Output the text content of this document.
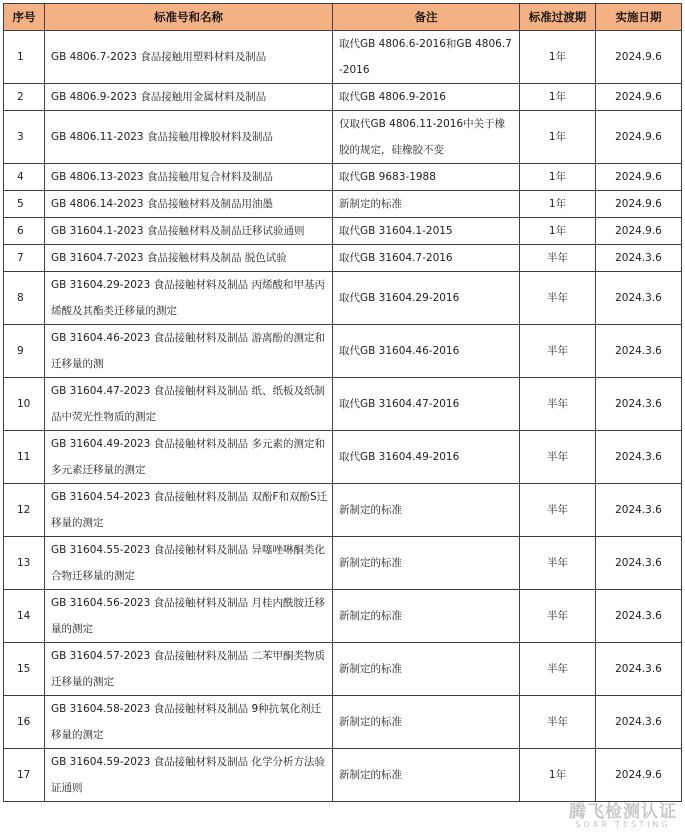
序号	标准号和名称	备注	标准过渡期	实施日期
1	GB 4806.7-2023 食品接触用塑料材料及制品	取代GB 4806.6-2016和GB 4806.7-2016	1年	2024.9.6
2	GB 4806.9-2023 食品接触用金属材料及制品	取代GB 4806.9-2016	1年	2024.9.6
3	GB 4806.11-2023 食品接触用橡胶材料及制品	仅取代GB 4806.11-2016中关于橡胶的规定，硅橡胶不变	1年	2024.9.6
4	GB 4806.13-2023 食品接触用复合材料及制品	取代GB 9683-1988	1年	2024.9.6
5	GB 4806.14-2023 食品接触材料及制品用油墨	新制定的标准	1年	2024.9.6
6	GB 31604.1-2023 食品接触材料及制品迁移试验通则	取代GB 31604.1-2015	1年	2024.9.6
7	GB 31604.7-2023 食品接触材料及制品 脱色试验	取代GB 31604.7-2016	半年	2024.3.6
8	GB 31604.29-2023 食品接触材料及制品 丙烯酸和甲基丙烯酸及其酯类迁移量的测定	取代GB 31604.29-2016	半年	2024.3.6
9	GB 31604.46-2023 食品接触材料及制品 游离酚的测定和迁移量的测	取代GB 31604.46-2016	半年	2024.3.6
10	GB 31604.47-2023 食品接触材料及制品 纸、纸板及纸制品中荧光性物质的测定	取代GB 31604.47-2016	半年	2024.3.6
11	GB 31604.49-2023 食品接触材料及制品 多元素的测定和多元素迁移量的测定	取代GB 31604.49-2016	半年	2024.3.6
12	GB 31604.54-2023 食品接触材料及制品 双酚F和双酚S迁移量的测定	新制定的标准	半年	2024.3.6
13	GB 31604.55-2023 食品接触材料及制品 异噻唑啉酮类化合物迁移量的测定	新制定的标准	半年	2024.3.6
14	GB 31604.56-2023 食品接触材料及制品 月桂内酰胺迁移量的测定	新制定的标准	半年	2024.3.6
15	GB 31604.57-2023 食品接触材料及制品 二苯甲酮类物质迁移量的测定	新制定的标准	半年	2024.3.6
16	GB 31604.58-2023 食品接触材料及制品 9种抗氧化剂迁移量的测定	新制定的标准	半年	2024.3.6
17	GB 31604.59-2023 食品接触材料及制品 化学分析方法验证通则	新制定的标准	1年	2024.9.6
腾飞检测认证
SOAR TESTING
